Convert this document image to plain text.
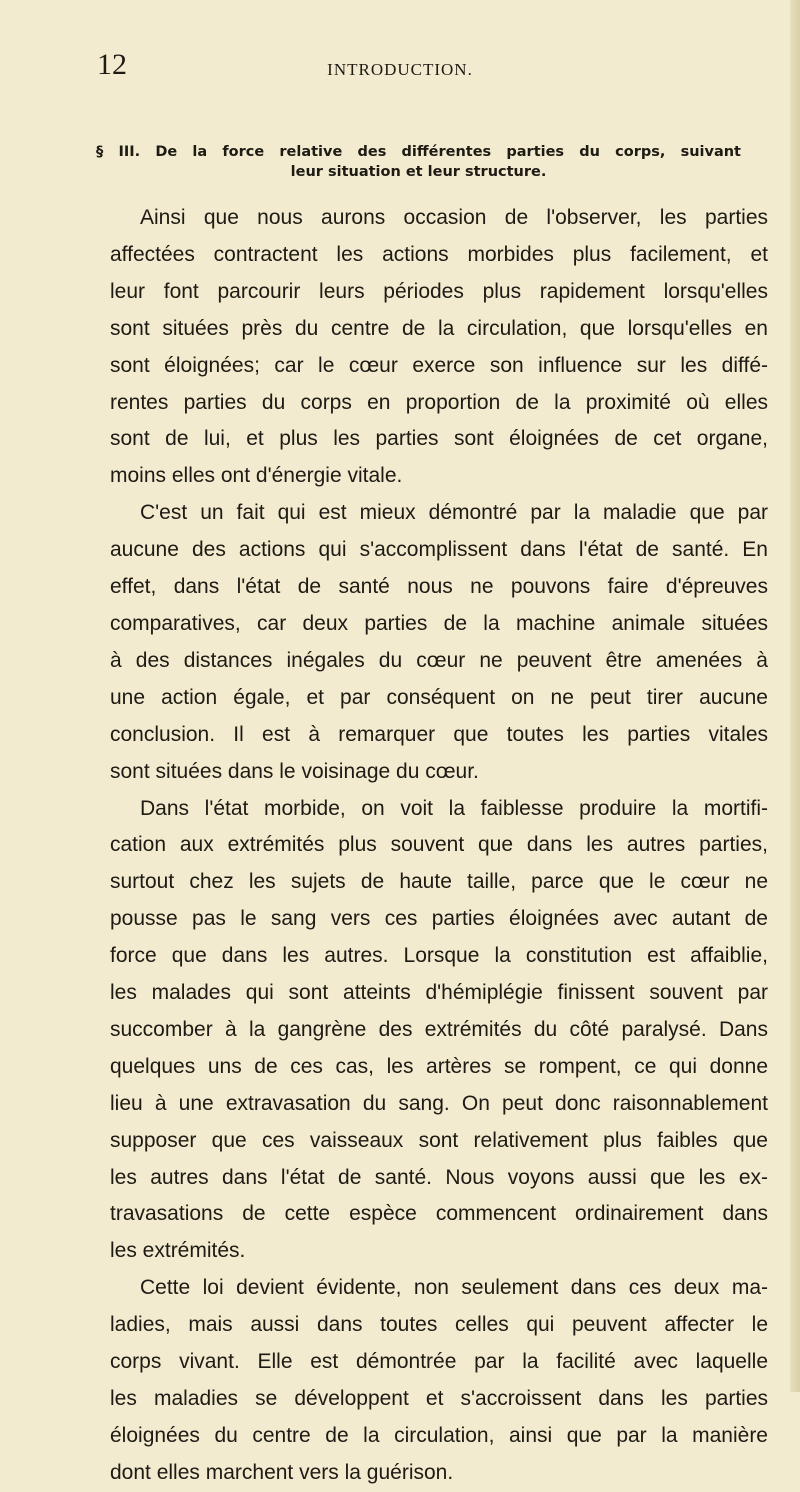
12	INTRODUCTION.
§ III. De la force relative des différentes parties du corps, suivant
leur situation et leur structure.
Ainsi que nous aurons occasion de l'observer, les parties
affectées contractent les actions morbides plus facilement, et
leur font parcourir leurs périodes plus rapidement lorsqu'elles
sont situées près du centre de la circulation, que lorsqu'elles en
sont éloignées; car le cœur exerce son influence sur les diffé-
rentes parties du corps en proportion de la proximité où elles
sont de lui, et plus les parties sont éloignées de cet organe,
moins elles ont d'énergie vitale.
C'est un fait qui est mieux démontré par la maladie que par
aucune des actions qui s'accomplissent dans l'état de santé. En
effet, dans l'état de santé nous ne pouvons faire d'épreuves
comparatives, car deux parties de la machine animale situées
à des distances inégales du cœur ne peuvent être amenées à
une action égale, et par conséquent on ne peut tirer aucune
conclusion. Il est à remarquer que toutes les parties vitales
sont situées dans le voisinage du cœur.
Dans l'état morbide, on voit la faiblesse produire la mortifi-
cation aux extrémités plus souvent que dans les autres parties,
surtout chez les sujets de haute taille, parce que le cœur ne
pousse pas le sang vers ces parties éloignées avec autant de
force que dans les autres. Lorsque la constitution est affaiblie,
les malades qui sont atteints d'hémiplégie finissent souvent par
succomber à la gangrène des extrémités du côté paralysé. Dans
quelques uns de ces cas, les artères se rompent, ce qui donne
lieu à une extravasation du sang. On peut donc raisonnablement
supposer que ces vaisseaux sont relativement plus faibles que
les autres dans l'état de santé. Nous voyons aussi que les ex-
travasations de cette espèce commencent ordinairement dans
les extrémités.
Cette loi devient évidente, non seulement dans ces deux ma-
ladies, mais aussi dans toutes celles qui peuvent affecter le
corps vivant. Elle est démontrée par la facilité avec laquelle
les maladies se développent et s'accroissent dans les parties
éloignées du centre de la circulation, ainsi que par la manière
dont elles marchent vers la guérison.
